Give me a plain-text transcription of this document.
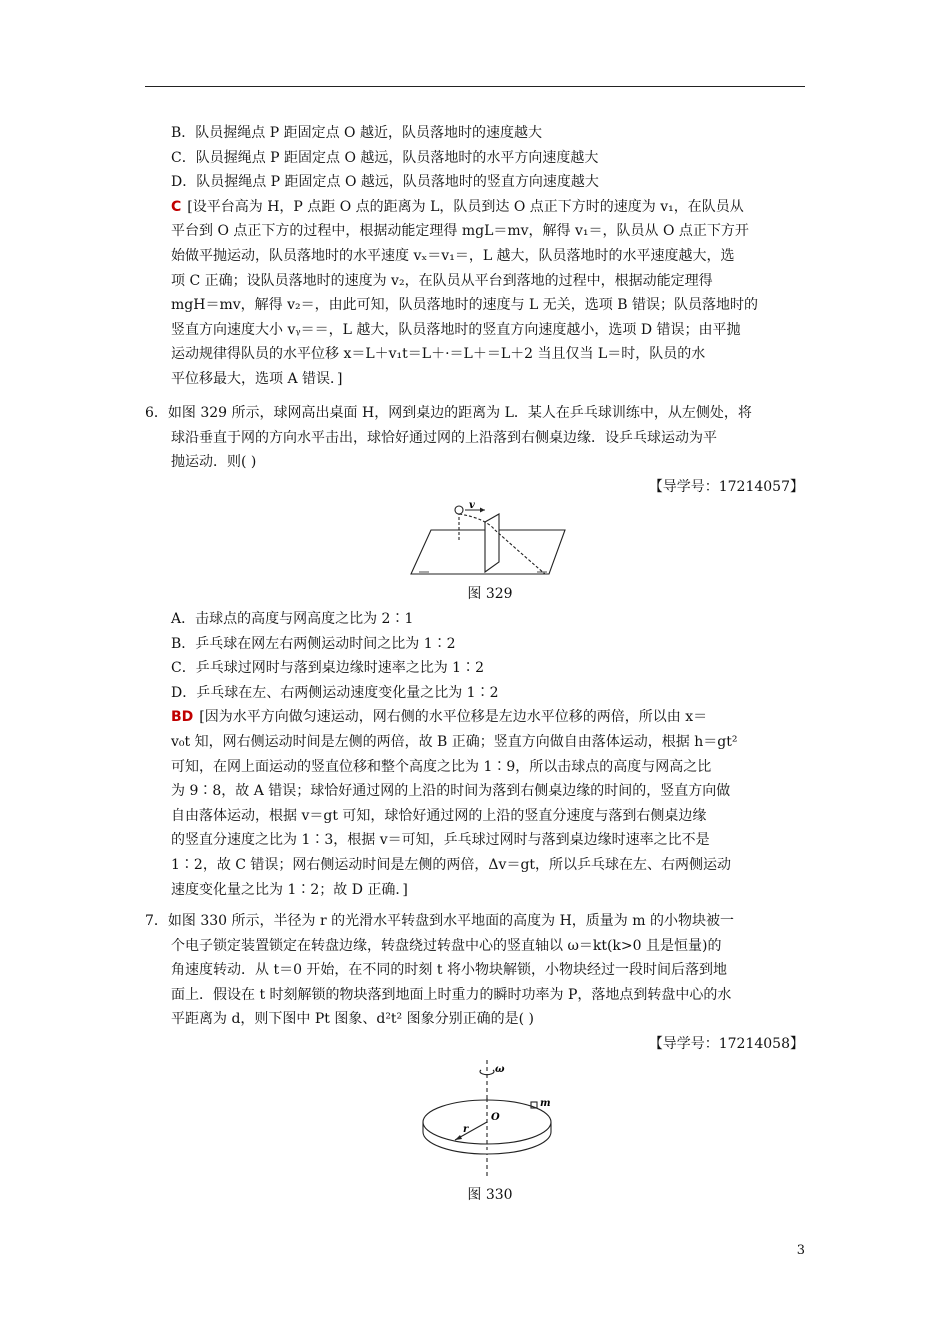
B．队员握绳点 P 距固定点 O 越近，队员落地时的速度越大
C．队员握绳点 P 距固定点 O 越远，队员落地时的水平方向速度越大
D．队员握绳点 P 距固定点 O 越远，队员落地时的竖直方向速度越大
C [设平台高为 H，P 点距 O 点的距离为 L，队员到达 O 点正下方时的速度为 v₁，在队员从
平台到 O 点正下方的过程中，根据动能定理得 mgL＝mv，解得 v₁＝，队员从 O 点正下方开
始做平抛运动，队员落地时的水平速度 vₓ＝v₁＝，L 越大，队员落地时的水平速度越大，选
项 C 正确；设队员落地时的速度为 v₂，在队员从平台到落地的过程中，根据动能定理得
mgH＝mv，解得 v₂＝，由此可知，队员落地时的速度与 L 无关，选项 B 错误；队员落地时的
竖直方向速度大小 vᵧ＝＝，L 越大，队员落地时的竖直方向速度越小，选项 D 错误；由平抛
运动规律得队员的水平位移 x＝L＋v₁t＝L＋·＝L＋＝L＋2 当且仅当 L＝时，队员的水
平位移最大，选项 A 错误．]
6．如图 329 所示，球网高出桌面 H，网到桌边的距离为 L．某人在乒乓球训练中，从左侧处，将
球沿垂直于网的方向水平击出，球恰好通过网的上沿落到右侧桌边缘．设乒乓球运动为平
抛运动．则( )
【导学号：17214057】
v
图 329
A．击球点的高度与网高度之比为 2∶1
B．乒乓球在网左右两侧运动时间之比为 1∶2
C．乒乓球过网时与落到桌边缘时速率之比为 1∶2
D．乒乓球在左、右两侧运动速度变化量之比为 1∶2
BD [因为水平方向做匀速运动，网右侧的水平位移是左边水平位移的两倍，所以由 x＝
v₀t 知，网右侧运动时间是左侧的两倍，故 B 正确；竖直方向做自由落体运动，根据 h＝gt²
可知，在网上面运动的竖直位移和整个高度之比为 1∶9，所以击球点的高度与网高之比
为 9∶8，故 A 错误；球恰好通过网的上沿的时间为落到右侧桌边缘的时间的，竖直方向做
自由落体运动，根据 v＝gt 可知，球恰好通过网的上沿的竖直分速度与落到右侧桌边缘
的竖直分速度之比为 1∶3，根据 v＝可知，乒乓球过网时与落到桌边缘时速率之比不是
1∶2，故 C 错误；网右侧运动时间是左侧的两倍，Δv＝gt，所以乒乓球在左、右两侧运动
速度变化量之比为 1∶2；故 D 正确．]
7．如图 330 所示，半径为 r 的光滑水平转盘到水平地面的高度为 H，质量为 m 的小物块被一
个电子锁定装置锁定在转盘边缘，转盘绕过转盘中心的竖直轴以 ω＝kt(k>0 且是恒量)的
角速度转动．从 t＝0 开始，在不同的时刻 t 将小物块解锁，小物块经过一段时间后落到地
面上．假设在 t 时刻解锁的物块落到地面上时重力的瞬时功率为 P，落地点到转盘中心的水
平距离为 d，则下图中 Pt 图象、d²t² 图象分别正确的是( )
【导学号：17214058】
ω
m
r
O
图 330
3
